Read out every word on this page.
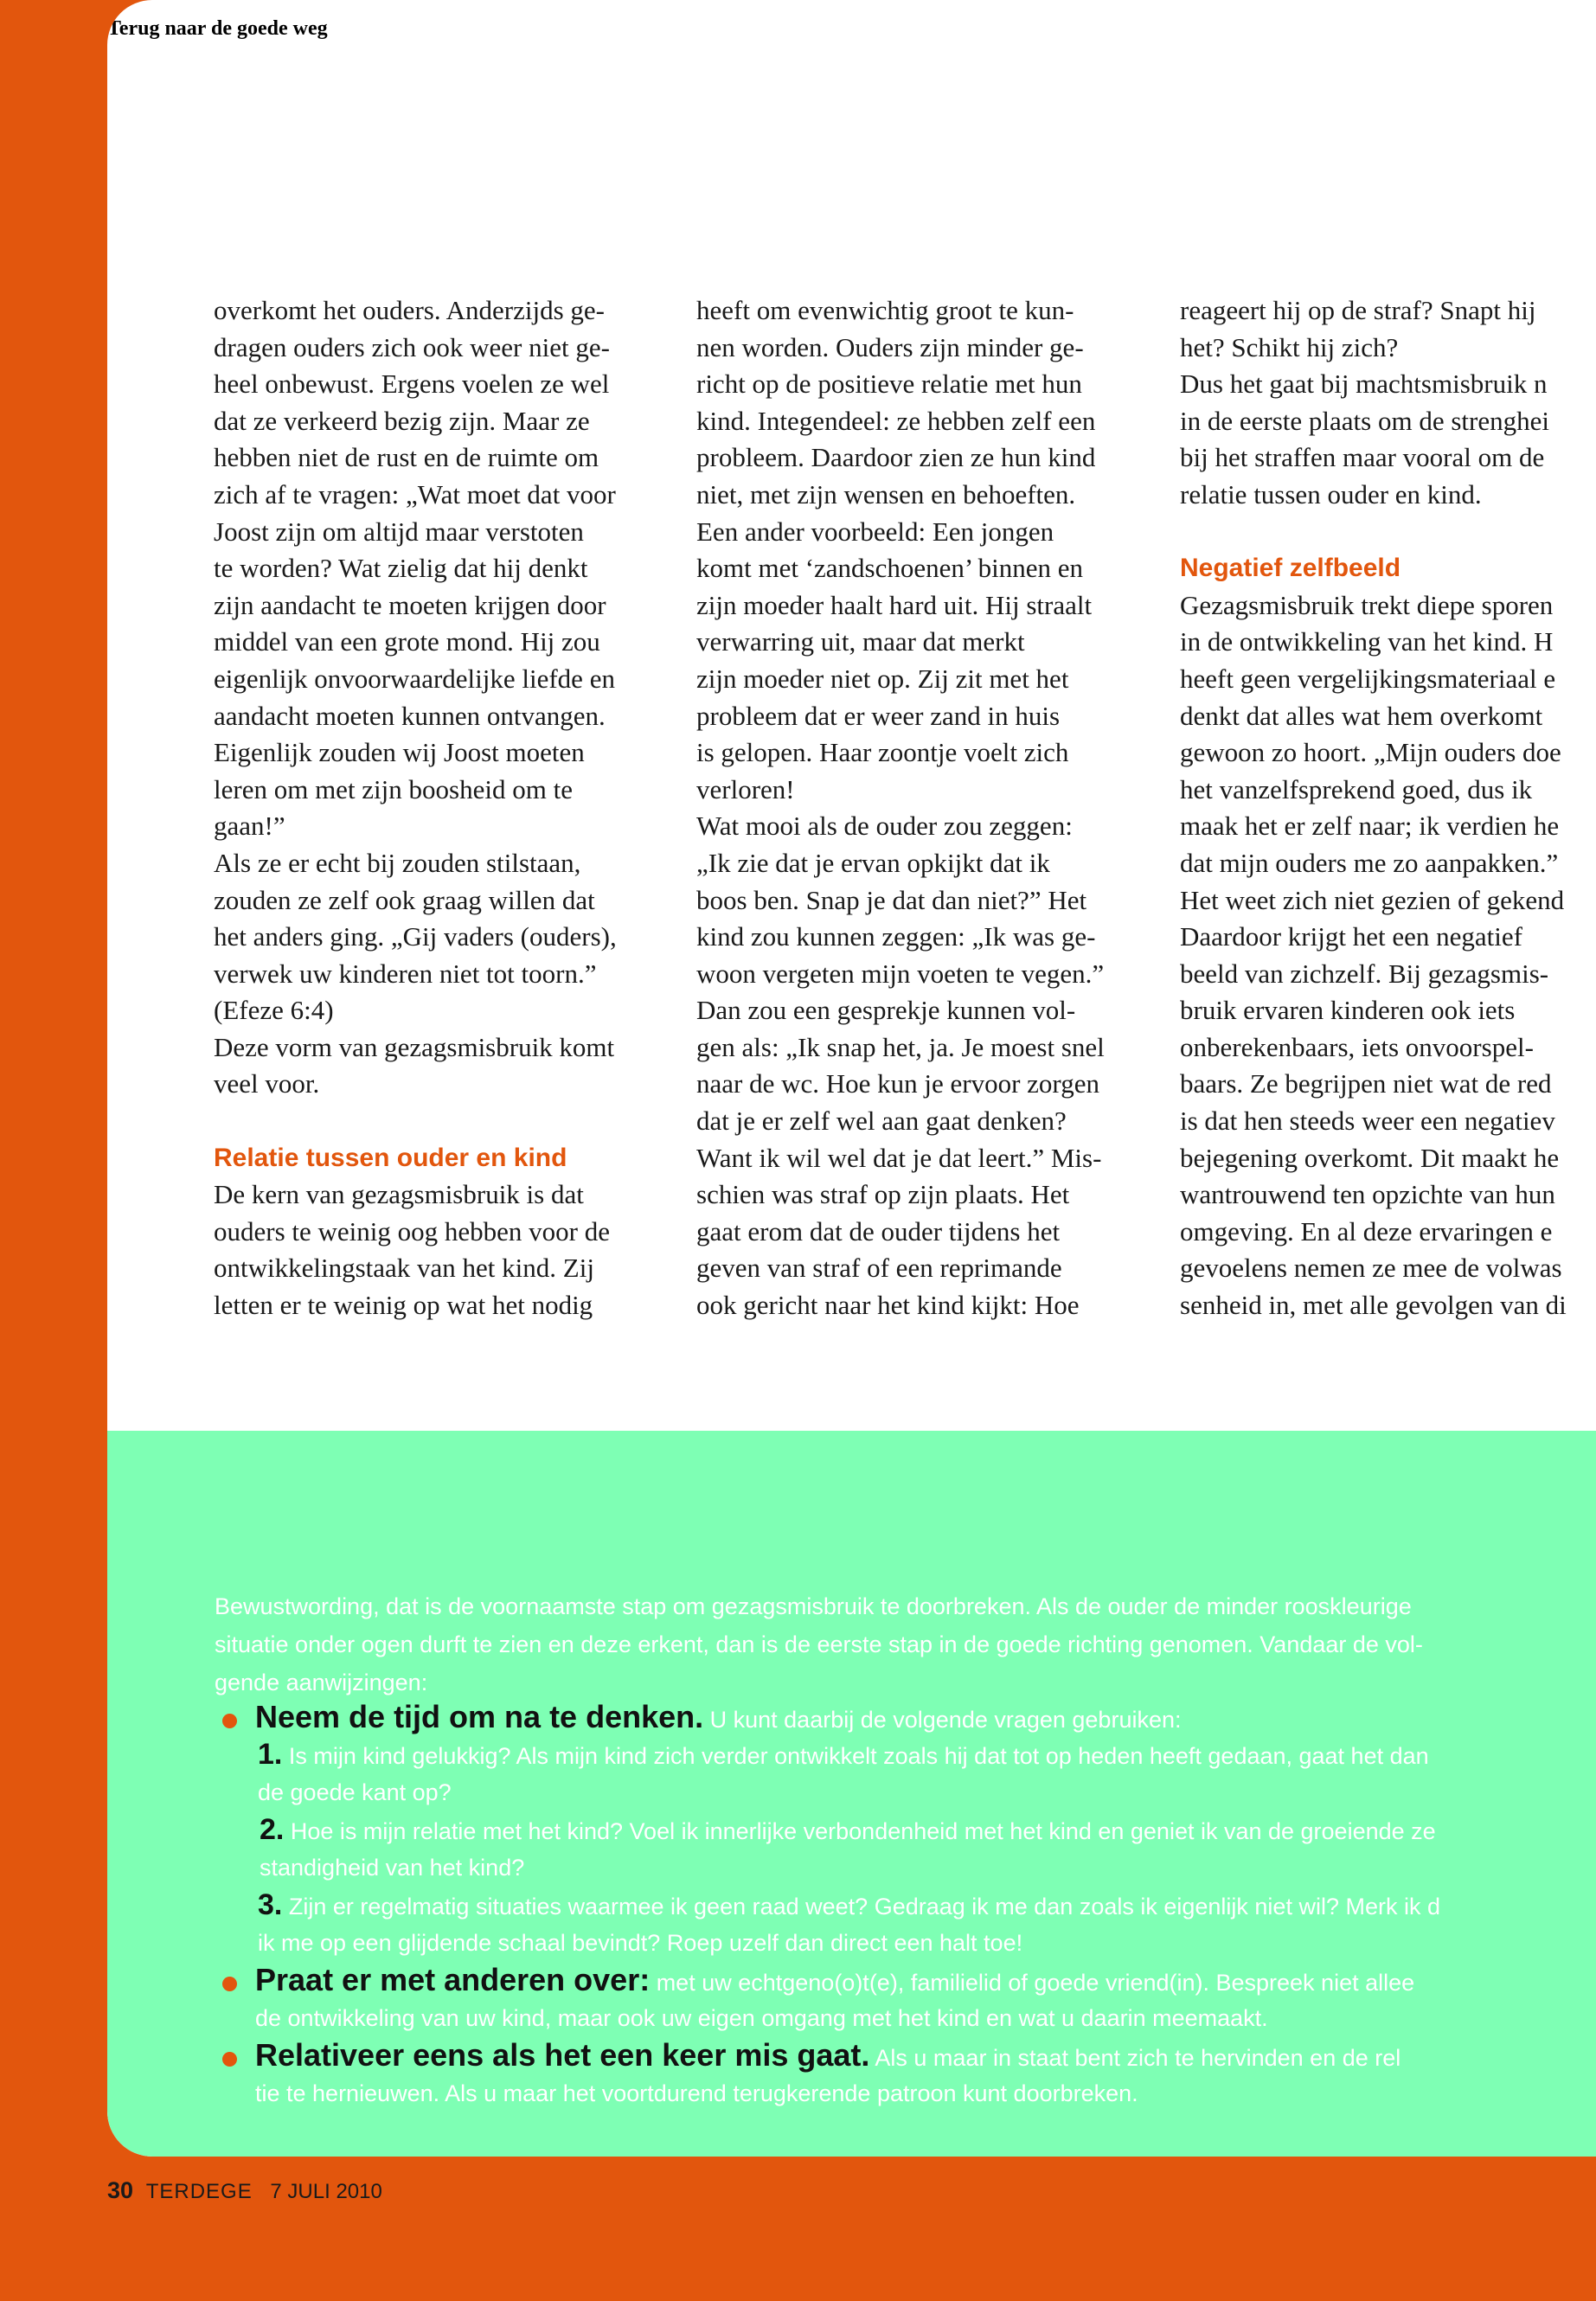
overkomt het ouders. Anderzijds ge-

dragen ouders zich ook weer niet ge-

heel onbewust. Ergens voelen ze wel

dat ze verkeerd bezig zijn. Maar ze

hebben niet de rust en de ruimte om

zich af te vragen: „Wat moet dat voor

Joost zijn om altijd maar verstoten

te worden? Wat zielig dat hij denkt

zijn aandacht te moeten krijgen door

middel van een grote mond. Hij zou

eigenlijk onvoorwaardelijke liefde en

aandacht moeten kunnen ontvangen.

Eigenlijk zouden wij Joost moeten

leren om met zijn boosheid om te

gaan!”

Als ze er echt bij zouden stilstaan,

zouden ze zelf ook graag willen dat

het anders ging. „Gij vaders (ouders),

verwek uw kinderen niet tot toorn.”

(Efeze 6:4)

Deze vorm van gezagsmisbruik komt

veel voor.

Relatie tussen ouder en kind

De kern van gezagsmisbruik is dat

ouders te weinig oog hebben voor de

ontwikkelingstaak van het kind. Zij

letten er te weinig op wat het nodig

heeft om evenwichtig groot te kun-

nen worden. Ouders zijn minder ge-

richt op de positieve relatie met hun

kind. Integendeel: ze hebben zelf een

probleem. Daardoor zien ze hun kind

niet, met zijn wensen en behoeften.

Een ander voorbeeld: Een jongen

komt met ‘zandschoenen’ binnen en

zijn moeder haalt hard uit. Hij straalt

verwarring uit, maar dat merkt

zijn moeder niet op. Zij zit met het

probleem dat er weer zand in huis

is gelopen. Haar zoontje voelt zich

verloren!

Wat mooi als de ouder zou zeggen:

„Ik zie dat je ervan opkijkt dat ik

boos ben. Snap je dat dan niet?” Het

kind zou kunnen zeggen: „Ik was ge-

woon vergeten mijn voeten te vegen.”

Dan zou een gesprekje kunnen vol-

gen als: „Ik snap het, ja. Je moest snel

naar de wc. Hoe kun je ervoor zorgen

dat je er zelf wel aan gaat denken?

Want ik wil wel dat je dat leert.” Mis-

schien was straf op zijn plaats. Het

gaat erom dat de ouder tijdens het

geven van straf of een reprimande

ook gericht naar het kind kijkt: Hoe

reageert hij op de straf? Snapt hij

het? Schikt hij zich?

Dus het gaat bij machtsmisbruik n

in de eerste plaats om de strenghei

bij het straffen maar vooral om de

relatie tussen ouder en kind.

Negatief zelfbeeld

Gezagsmisbruik trekt diepe sporen

in de ontwikkeling van het kind. H

heeft geen vergelijkingsmateriaal e

denkt dat alles wat hem overkomt

gewoon zo hoort. „Mijn ouders doe

het vanzelfsprekend goed, dus ik

maak het er zelf naar; ik verdien he

dat mijn ouders me zo aanpakken.”

Het weet zich niet gezien of gekend

Daardoor krijgt het een negatief

beeld van zichzelf. Bij gezagsmis-

bruik ervaren kinderen ook iets

onberekenbaars, iets onvoorspel-

baars. Ze begrijpen niet wat de red

is dat hen steeds weer een negatiev

bejegening overkomt. Dit maakt he

wantrouwend ten opzichte van hun

omgeving. En al deze ervaringen e

gevoelens nemen ze mee de volwas

senheid in, met alle gevolgen van di

Terug naar de goede weg

Bewustwording, dat is de voornaamste stap om gezagsmisbruik te doorbreken. Als de ouder de minder rooskleurige

situatie onder ogen durft te zien en deze erkent, dan is de eerste stap in de goede richting genomen. Vandaar de vol-

gende aanwijzingen:

Neem de tijd om na te denken. U kunt daarbij de volgende vragen gebruiken:

1. Is mijn kind gelukkig? Als mijn kind zich verder ontwikkelt zoals hij dat tot op heden heeft gedaan, gaat het dan

de goede kant op?

2. Hoe is mijn relatie met het kind? Voel ik innerlijke verbondenheid met het kind en geniet ik van de groeiende ze

standigheid van het kind?

3. Zijn er regelmatig situaties waarmee ik geen raad weet? Gedraag ik me dan zoals ik eigenlijk niet wil? Merk ik d

ik me op een glijdende schaal bevindt? Roep uzelf dan direct een halt toe!

Praat er met anderen over: met uw echtgeno(o)t(e), familielid of goede vriend(in). Bespreek niet allee

de ontwikkeling van uw kind, maar ook uw eigen omgang met het kind en wat u daarin meemaakt.

Relativeer eens als het een keer mis gaat. Als u maar in staat bent zich te hervinden en de rel

tie te hernieuwen. Als u maar het voortdurend terugkerende patroon kunt doorbreken.

30 TERDEGE 7 JULI 2010
